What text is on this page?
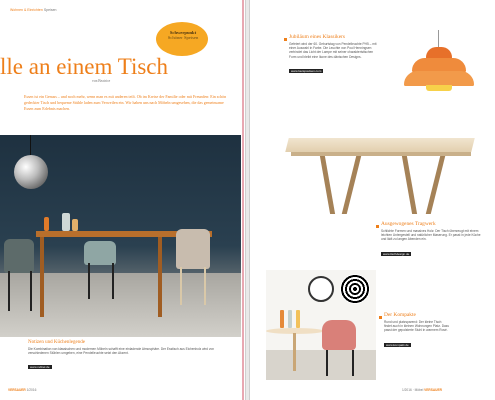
Wohnen & Einrichten Speisen
Schwerpunkt
Schöner Speisen
lle an einem Tisch
von Beatrice
Essen ist ein Genuss – und noch mehr, wenn man es mit anderen teilt. Ob im Kreise der Familie oder mit Freunden: Ein schön gedeckter Tisch und bequeme Stühle laden zum Verweilen ein. Wir haben uns nach Möbeln umgesehen, die das gemeinsame Essen zum Erlebnis machen.
Notizen und Küchenlegende
Die Kombination von klassischen und modernen Möbeln schafft eine einladende Atmosphäre. Der Esstisch aus Eichenholz wird von verschiedenen Stühlen umgeben, eine Pendelleuchte setzt den Akzent.
www.möbel.de
VERSAUER 1/2016
Jubiläum eines Klassikers
Gefeiert wird der 60. Geburtstag von Pendelleuchte PH5 – mit einer Auswahl in Farbe. Die Leuchte von Poul Henningsen verbindet das Licht der Lampe mit seiner charakteristischen Form und bleibt eine Ikone des dänischen Designs.
www.louispoulsen.com
Ausgewogenes Tragwerk
Schlichte Formen und massives Holz: Der Tisch überzeugt mit einem leichten Untergestell und natürlicher Maserung. Er passt in jede Küche und lädt zu langen Abenden ein.
www.tischdesign.de
Der Kompakte
Rund und platzsparend: Der kleine Tisch findet auch in kleinen Wohnungen Platz. Dazu passt der gepolsterte Stuhl in warmem Rosé.
www.kompakt.de
1/2016 · Möbel VERSAUER
